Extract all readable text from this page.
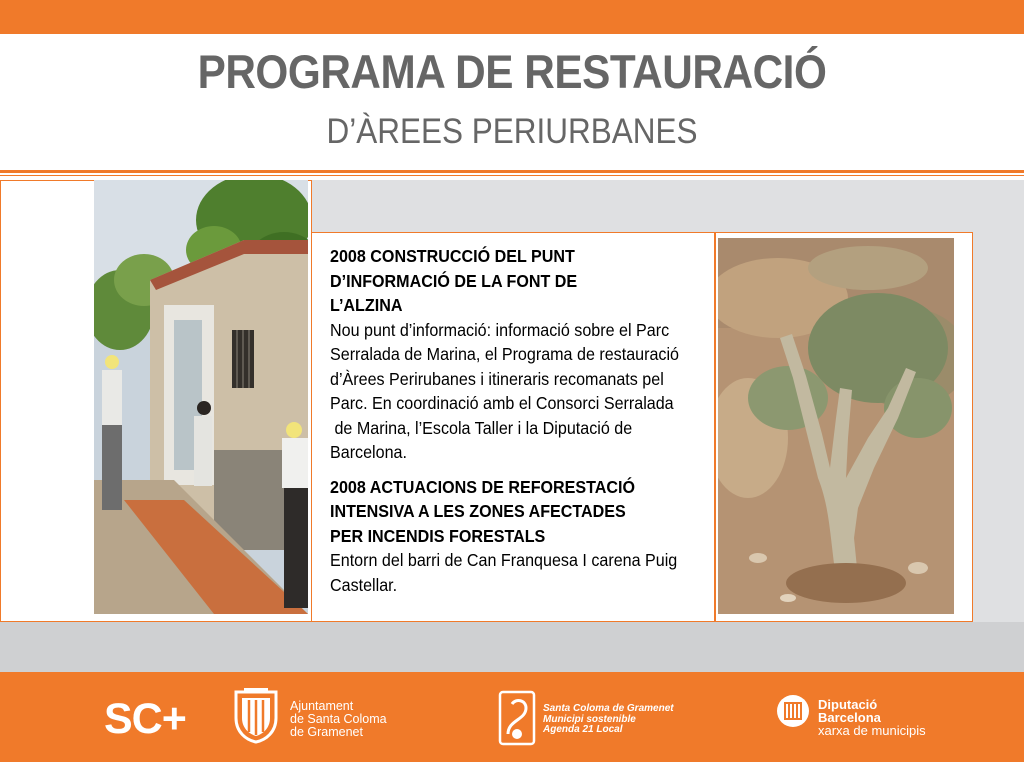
PROGRAMA DE RESTAURACIÓ
D’ÀREES PERIURBANES
2008 CONSTRUCCIÓ DEL PUNT
D’INFORMACIÓ DE LA FONT DE
L’ALZINA
Nou punt d’informació: informació sobre el Parc
Serralada de Marina, el Programa de restauració
d’Àrees Perirubanes i itineraris recomanats pel
Parc. En coordinació amb el Consorci Serralada
de Marina, l’Escola Taller i la Diputació de
Barcelona.
2008 ACTUACIONS DE REFORESTACIÓ
INTENSIVA A LES ZONES AFECTADES
PER INCENDIS FORESTALS
Entorn del barri de Can Franquesa I carena Puig
Castellar.
SC+	Ajuntament
de Santa Coloma
de Gramenet
Santa Coloma de Gramenet
Municipi sostenible
Agenda 21 Local
Diputació
Barcelona
xarxa de municipis
